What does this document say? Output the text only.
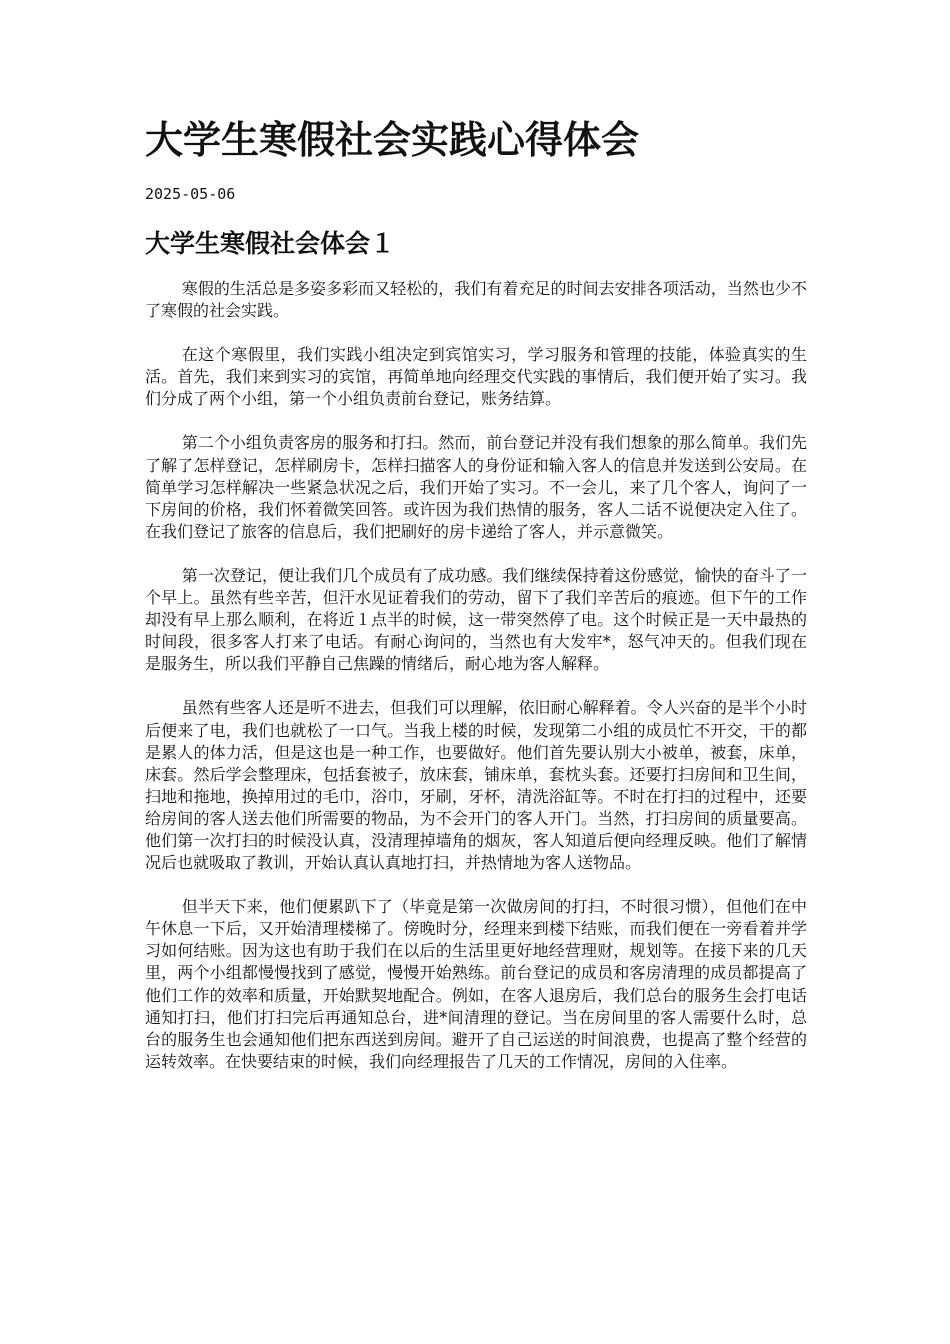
大学生寒假社会实践心得体会
2025-05-06
大学生寒假社会体会１

寒假的生活总是多姿多彩而又轻松的，我们有着充足的时间去安排各项活动，当然也少不了寒假的社会实践。

在这个寒假里，我们实践小组决定到宾馆实习，学习服务和管理的技能，体验真实的生活。首先，我们来到实习的宾馆，再简单地向经理交代实践的事情后，我们便开始了实习。我们分成了两个小组，第一个小组负责前台登记，账务结算。

第二个小组负责客房的服务和打扫。然而，前台登记并没有我们想象的那么简单。我们先了解了怎样登记，怎样刷房卡，怎样扫描客人的身份证和输入客人的信息并发送到公安局。在简单学习怎样解决一些紧急状况之后，我们开始了实习。不一会儿，来了几个客人，询问了一下房间的价格，我们怀着微笑回答。或许因为我们热情的服务，客人二话不说便决定入住了。在我们登记了旅客的信息后，我们把刷好的房卡递给了客人，并示意微笑。

第一次登记，便让我们几个成员有了成功感。我们继续保持着这份感觉，愉快的奋斗了一个早上。虽然有些辛苦，但汗水见证着我们的劳动，留下了我们辛苦后的痕迹。但下午的工作却没有早上那么顺利，在将近１点半的时候，这一带突然停了电。这个时候正是一天中最热的时间段，很多客人打来了电话。有耐心询问的，当然也有大发牢*，怒气冲天的。但我们现在是服务生，所以我们平静自己焦躁的情绪后，耐心地为客人解释。

虽然有些客人还是听不进去，但我们可以理解，依旧耐心解释着。令人兴奋的是半个小时后便来了电，我们也就松了一口气。当我上楼的时候，发现第二小组的成员忙不开交，干的都是累人的体力活，但是这也是一种工作，也要做好。他们首先要认别大小被单，被套，床单，床套。然后学会整理床，包括套被子，放床套，铺床单，套枕头套。还要打扫房间和卫生间，扫地和拖地，换掉用过的毛巾，浴巾，牙刷，牙杯，清洗浴缸等。不时在打扫的过程中，还要给房间的客人送去他们所需要的物品，为不会开门的客人开门。当然，打扫房间的质量要高。他们第一次打扫的时候没认真，没清理掉墙角的烟灰，客人知道后便向经理反映。他们了解情况后也就吸取了教训，开始认真认真地打扫，并热情地为客人送物品。

但半天下来，他们便累趴下了（毕竟是第一次做房间的打扫，不时很习惯），但他们在中午休息一下后，又开始清理楼梯了。傍晚时分，经理来到楼下结账，而我们便在一旁看着并学习如何结账。因为这也有助于我们在以后的生活里更好地经营理财，规划等。在接下来的几天里，两个小组都慢慢找到了感觉，慢慢开始熟练。前台登记的成员和客房清理的成员都提高了他们工作的效率和质量，开始默契地配合。例如，在客人退房后，我们总台的服务生会打电话通知打扫，他们打扫完后再通知总台，进*间清理的登记。当在房间里的客人需要什么时，总台的服务生也会通知他们把东西送到房间。避开了自己运送的时间浪费，也提高了整个经营的运转效率。在快要结束的时候，我们向经理报告了几天的工作情况，房间的入住率。
